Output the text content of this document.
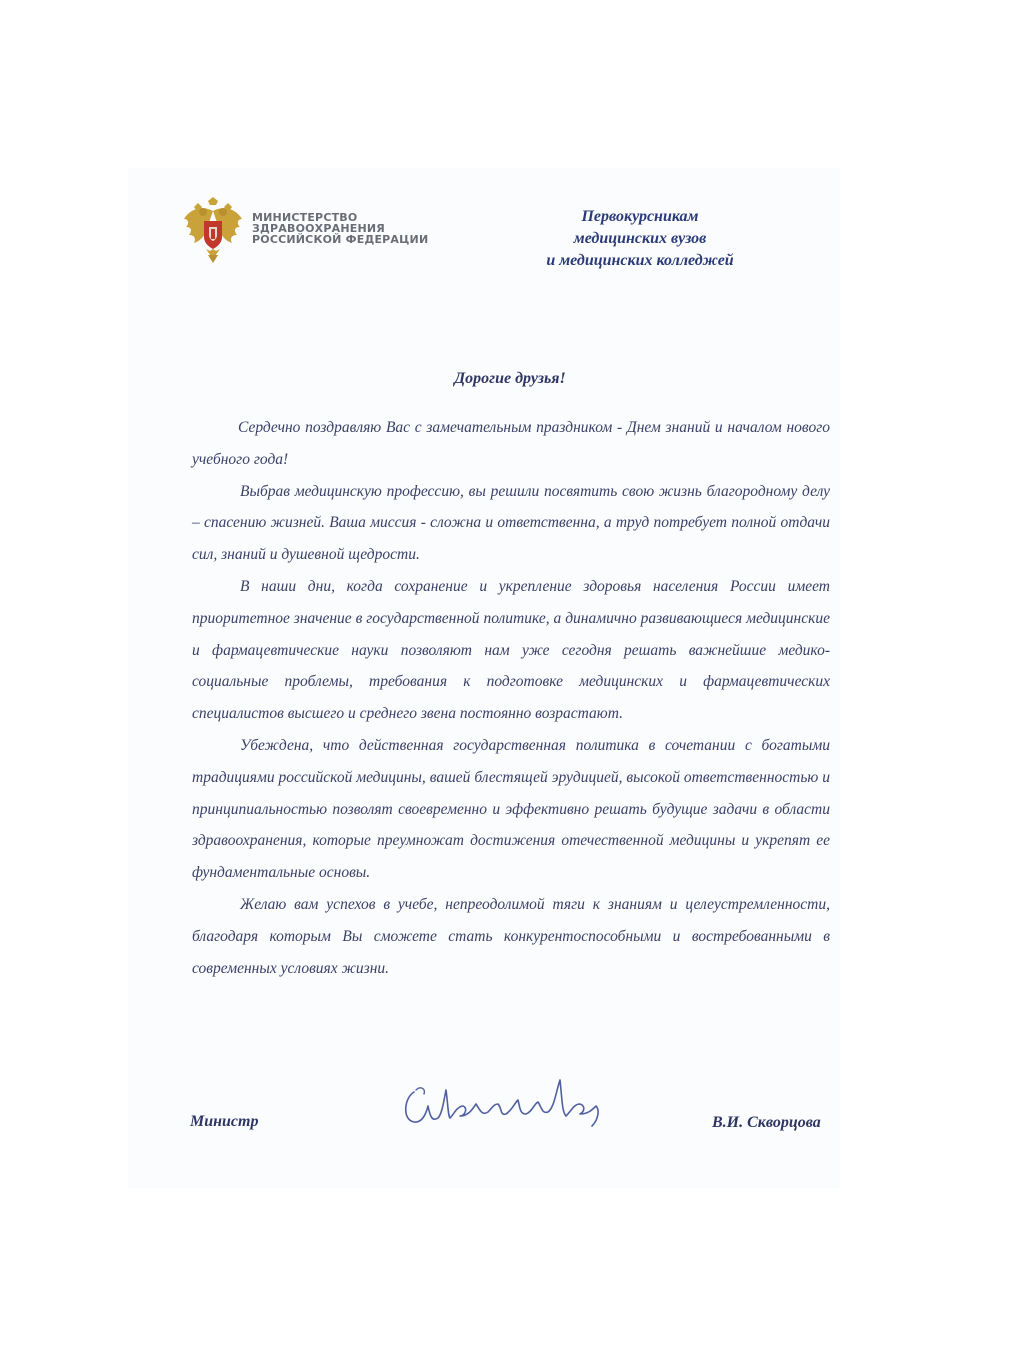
МИНИСТЕРСТВО
ЗДРАВООХРАНЕНИЯ
РОССИЙСКОЙ ФЕДЕРАЦИИ
Первокурсникам
медицинских вузов
и медицинских колледжей
Дорогие друзья!

Сердечно поздравляю Вас с замечательным праздником - Днем знаний и началом нового учебного года!

Выбрав медицинскую профессию, вы решили посвятить свою жизнь благородному делу – спасению жизней. Ваша миссия - сложна и ответственна, а труд потребует полной отдачи сил, знаний и душевной щедрости.

В наши дни, когда сохранение и укрепление здоровья населения России имеет приоритетное значение в государственной политике, а динамично развивающиеся медицинские и фармацевтические науки позволяют нам уже сегодня решать важнейшие медико-социальные проблемы, требования к подготовке медицинских и фармацевтических специалистов высшего и среднего звена постоянно возрастают.

Убеждена, что действенная государственная политика в сочетании с богатыми традициями российской медицины, вашей блестящей эрудицией, высокой ответственностью и принципиальностью позволят своевременно и эффективно решать будущие задачи в области здравоохранения, которые преумножат достижения отечественной медицины и укрепят ее фундаментальные основы.

Желаю вам успехов в учебе, непреодолимой тяги к знаниям и целеустремленности, благодаря которым Вы сможете стать конкурентоспособными и востребованными в современных условиях жизни.

Министр	В.И. Скворцова
